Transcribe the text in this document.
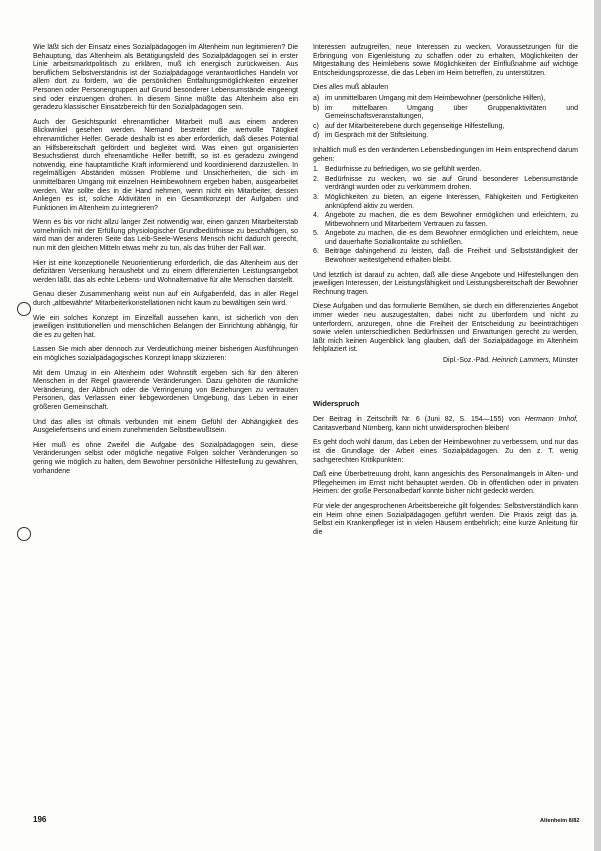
Wie läßt sich der Einsatz eines Sozialpädagogen im Altenheim nun legitimieren? Die Behauptung, das Altenheim als Betätigungsfeld des Sozialpädagogen sei in erster Linie arbeitsmarktpolitisch zu erklären, muß ich energisch zurückweisen. Aus beruflichem Selbstverständnis ist der Sozialpädagoge verantwortliches Handeln vor allem dort zu fordern, wo die persönlichen Entfaltungsmöglichkeiten einzelner Personen oder Personengruppen auf Grund besonderer Lebensumstände eingeengt sind oder einzuengen drohen. In diesem Sinne müßte das Altenheim also ein geradezu klassischer Einsatzbereich für den Sozialpädagogen sein.

Auch der Gesichtspunkt ehrenamtlicher Mitarbeit muß aus einem anderen Blickwinkel gesehen werden. Niemand bestreitet die wertvolle Tätigkeit ehrenamtlicher Helfer. Gerade deshalb ist es aber erforderlich, daß dieses Potential an Hilfsbereitschaft gefördert und begleitet wird. Was einen gut organisierten Besuchsdienst durch ehrenamtliche Helfer betrifft, so ist es geradezu zwingend notwendig, eine hauptamtliche Kraft informierend und koordinierend darzustellen. In regelmäßigen Abständen müssen Probleme und Unsicherheiten, die sich im unmittelbaren Umgang mit einzelnen Heimbewohnern ergeben haben, ausgearbeitet werden. War sollte dies in die Hand nehmen, wenn nicht ein Mitarbeiter, dessen Anliegen es ist, solche Aktivitäten in ein Gesamtkonzept der Aufgaben und Funktionen im Altenheim zu integrieren?

Wenn es bis vor nicht allzu langer Zeit notwendig war, einen ganzen Mitarbeiterstab vornehmlich mit der Erfüllung physiologischer Grundbedürfnisse zu beschäftigen, so wird man der anderen Seite das Leib-Seele-Wesens Mensch nicht dadurch gerecht, nun mit den gleichen Mitteln etwas mehr zu tun, als das früher der Fall war.

Hier ist eine konzeptionelle Neuorientierung erforderlich, die das Altenheim aus der defizitären Versenkung heraushebt und zu einem differenzierten Leistungsangebot werden läßt, das als echte Lebens- und Wohnalternative für alte Menschen darstellt.

Genau dieser Zusammenhang weist nun auf ein Aufgabenfeld, das in aller Regel durch „altbewährte“ Mitarbeiterkonstellationen nicht kaum zu bewältigen sein wird.

Wie ein solches Konzept im Einzelfall aussehen kann, ist sicherlich von den jeweiligen institutionellen und menschlichen Belangen der Einrichtung abhängig, für die es zu gelten hat.

Lassen Sie mich aber dennoch zur Verdeutlichung meiner bisherigen Ausführungen ein mögliches sozialpädagogisches Konzept knapp skizzieren:

Mit dem Umzug in ein Altenheim oder Wohnstift ergeben sich für den älteren Menschen in der Regel gravierende Veränderungen. Dazu gehören die räumliche Veränderung, der Abbruch oder die Verringerung von Beziehungen zu vertrauten Personen, das Verlassen einer liebgewordenen Umgebung, das Leben in einer größeren Gemeinschaft.

Und das alles ist oftmals verbunden mit einem Gefühl der Abhängigkeit des Ausgeliefertseins und einem zunehmenden Selbstbewußtsein.

Hier muß es ohne Zweifel die Aufgabe des Sozialpädagogen sein, diese Veränderungen selbst oder mögliche negative Folgen solcher Veränderungen so gering wie möglich zu halten, dem Bewohner persönliche Hilfestellung zu gewähren, vorhandene

Interessen aufzugreifen, neue Interessen zu wecken, Voraussetzungen für die Erbringung von Eigenleistung zu schaffen oder zu erhalten, Möglichkeiten der Mitgestaltung des Heimlebens sowie Möglichkeiten der Einflußnahme auf wichtige Entscheidungsprozesse, die das Leben im Heim betreffen, zu unterstützen.

Dies alles muß ablaufen

a) im unmittelbaren Umgang mit dem Heimbewohner (persönliche Hilfen),
b) im mittelbaren Umgang über Gruppenaktivitäten und Gemeinschaftsveranstaltungen,
c) auf der Mitarbeiterebene durch gegenseitige Hilfestellung,
d) im Gespräch mit der Stiftsleitung.

Inhaltlich muß es den veränderten Lebensbedingungen im Heim entsprechend darum gehen:

1. Bedürfnisse zu befriedigen, wo sie gefühlt werden.
2. Bedürfnisse zu wecken, wo sie auf Grund besonderer Lebensumstände verdrängt wurden oder zu verkümmern drohen.
3. Möglichkeiten zu bieten, an eigene Interessen, Fähigkeiten und Fertigkeiten anknüpfend aktiv zu werden.
4. Angebote zu machen, die es dem Bewohner ermöglichen und erleichtern, zu Mitbewohnern und Mitarbeitern Vertrauen zu fassen.
5. Angebote zu machen, die es dem Bewohner ermöglichen und erleichtern, neue und dauerhafte Sozialkontakte zu schließen.
6. Beiträge dahingehend zu leisten, daß die Freiheit und Selbstständigkeit der Bewohner weitestgehend erhalten bleibt.

Und letztlich ist darauf zu achten, daß alle diese Angebote und Hilfestellungen den jeweiligen Interessen, der Leistungsfähigkeit und Leistungsbereitschaft der Bewohner Rechnung tragen.

Diese Aufgaben und das formulierte Bemühen, sie durch ein differenziertes Angebot immer wieder neu auszugestalten, dabei nicht zu überfordern und nicht zu unterfordern, anzuregen, ohne die Freiheit der Entscheidung zu beeinträchtigen sowie vielen unterschiedlichen Bedürfnissen und Erwartungen gerecht zu werden, läßt mich keinen Augenblick lang glauben, daß der Sozialpädagoge im Altenheim fehlplaziert ist.

Dipl.-Soz.-Päd. Heinrich Lammers, Münster

Widerspruch

Der Beitrag in Zeitschrift Nr. 6 (Juni 82, S. 154—155) von Hermann Imhof, Caritasverband Nürnberg, kann nicht unwidersprochen bleiben!

Es geht doch wohl darum, das Leben der Heimbewohner zu verbessern, und nur das ist die Grundlage der Arbeit eines Sozialpädagogen. Zu den z. T. wenig sachgerechten Kritikpunkten:

Daß eine Überbetreuung droht, kann angesichts des Personalmangels in Alten- und Pflegeheimen im Ernst nicht behauptet werden. Ob in öffentlichen oder in privaten Heimen: der große Personalbedarf konnte bisher nicht gedeckt werden.

Für viele der angesprochenen Arbeitsbereiche gilt folgendes: Selbstverständlich kann ein Heim ohne einen Sozialpädagogen geführt werden. Die Praxis zeigt das ja. Selbst ein Krankenpfleger ist in vielen Häusern entbehrlich; eine kurze Anleitung für die

196	Altenheim 8/82
